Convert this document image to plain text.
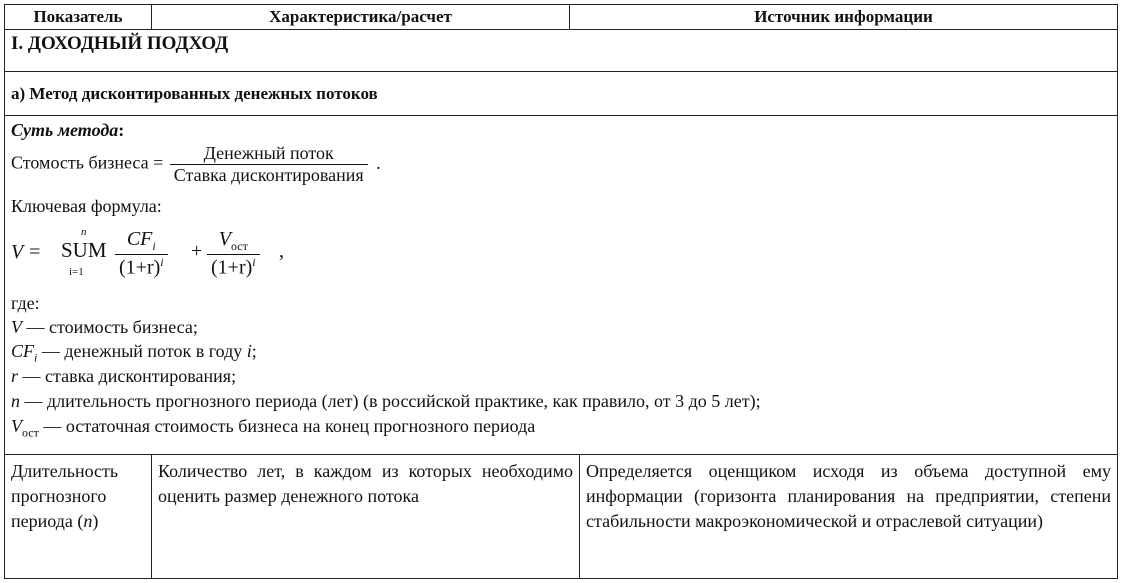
Показатель	Характеристика/расчет	Источник информации
I. ДОХОДНЫЙ ПОДХОД
а) Метод дисконтированных денежных потоков
Суть метода:
Стомость бизнеса = $\frac{\text{Денежный поток}}{\text{Ставка дисконтирования}}$ .
Ключевая формула:
V =
n
SUM
i=1
$CF_i$
$(1+r)^i$ +
$V_{ост}$
$(1+r)^i$ ,
где:
V — стоимость бизнеса;
$CF_i$ — денежный поток в году i;
r — ставка дисконтирования;
n — длительность прогнозного периода (лет) (в российской практике, как правило, от 3 до 5 лет);
$V_{ост}$ — остаточная стоимость бизнеса на конец прогнозного периода
Длительность прогнозного периода (n)
Количество лет, в каждом из которых необходимо оценить размер денежного потока
Определяется оценщиком исходя из объема доступной ему информации (горизонта планирования на предприятии, степени стабильности макроэкономической и отраслевой ситуации)
